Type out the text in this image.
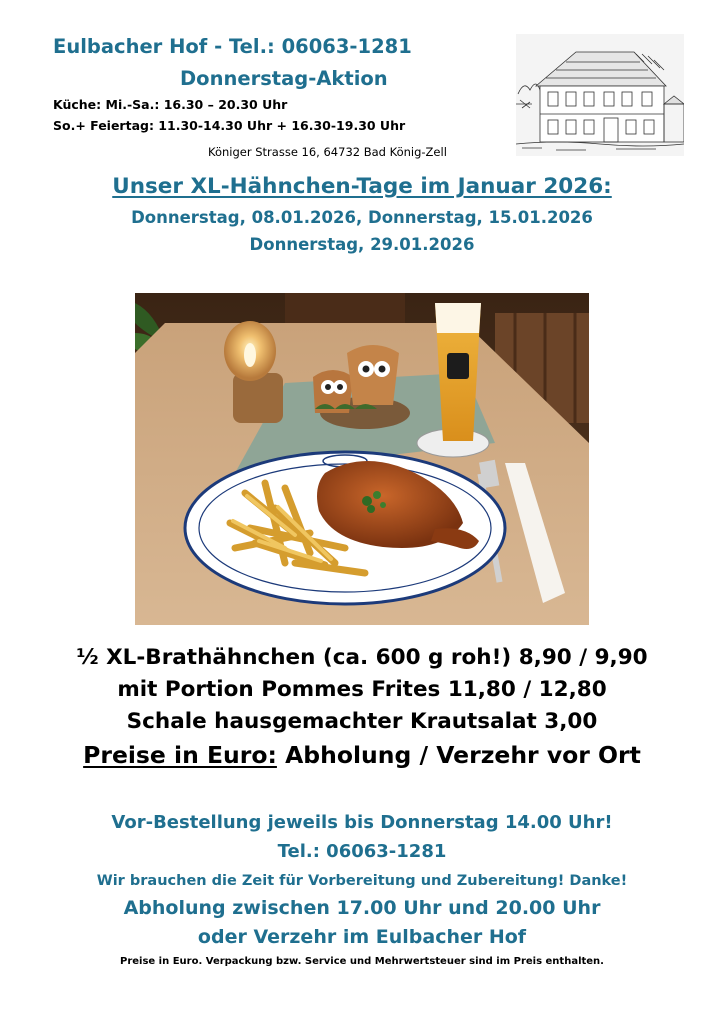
Eulbacher Hof - Tel.: 06063-1281
Donnerstag-Aktion
Küche: Mi.-Sa.: 16.30 – 20.30 Uhr
So.+ Feiertag: 11.30-14.30 Uhr + 16.30-19.30 Uhr
Königer Strasse 16, 64732 Bad König-Zell
Unser XL-Hähnchen-Tage im Januar 2026:
Donnerstag, 08.01.2026, Donnerstag, 15.01.2026
Donnerstag, 29.01.2026
½ XL-Brathähnchen (ca. 600 g roh!) 8,90 / 9,90
mit Portion Pommes Frites 11,80 / 12,80
Schale hausgemachter Krautsalat 3,00
Preise in Euro: Abholung / Verzehr vor Ort
Vor-Bestellung jeweils bis Donnerstag 14.00 Uhr!
Tel.: 06063-1281
Wir brauchen die Zeit für Vorbereitung und Zubereitung! Danke!
Abholung zwischen 17.00 Uhr und 20.00 Uhr
oder Verzehr im Eulbacher Hof
Preise in Euro. Verpackung bzw. Service und Mehrwertsteuer sind im Preis enthalten.
